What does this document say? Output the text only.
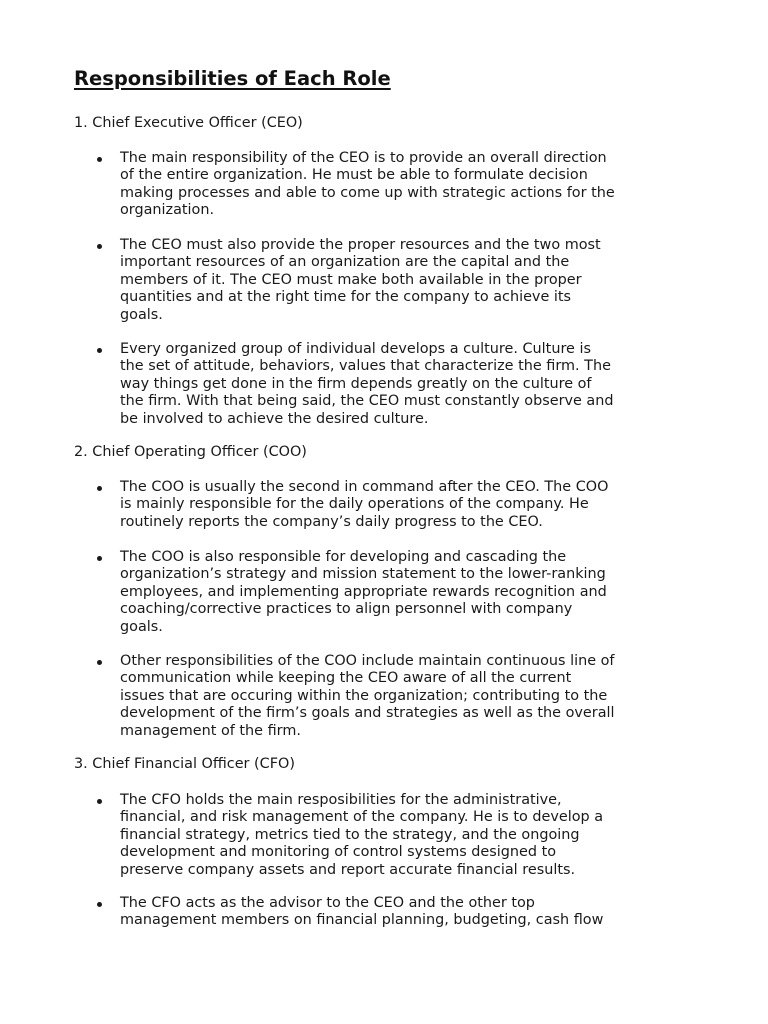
Responsibilities of Each Role
1. Chief Executive Officer (CEO)
The main responsibility of the CEO is to provide an overall direction
of the entire organization. He must be able to formulate decision
making processes and able to come up with strategic actions for the
organization.
The CEO must also provide the proper resources and the two most
important resources of an organization are the capital and the
members of it. The CEO must make both available in the proper
quantities and at the right time for the company to achieve its
goals.
Every organized group of individual develops a culture. Culture is
the set of attitude, behaviors, values that characterize the firm. The
way things get done in the firm depends greatly on the culture of
the firm. With that being said, the CEO must constantly observe and
be involved to achieve the desired culture.
2. Chief Operating Officer (COO)
The COO is usually the second in command after the CEO. The COO
is mainly responsible for the daily operations of the company. He
routinely reports the company’s daily progress to the CEO.
The COO is also responsible for developing and cascading the
organization’s strategy and mission statement to the lower-ranking
employees, and implementing appropriate rewards recognition and
coaching/corrective practices to align personnel with company
goals.
Other responsibilities of the COO include maintain continuous line of
communication while keeping the CEO aware of all the current
issues that are occuring within the organization; contributing to the
development of the firm’s goals and strategies as well as the overall
management of the firm.
3. Chief Financial Officer (CFO)
The CFO holds the main resposibilities for the administrative,
financial, and risk management of the company. He is to develop a
financial strategy, metrics tied to the strategy, and the ongoing
development and monitoring of control systems designed to
preserve company assets and report accurate financial results.
The CFO acts as the advisor to the CEO and the other top
management members on financial planning, budgeting, cash flow
